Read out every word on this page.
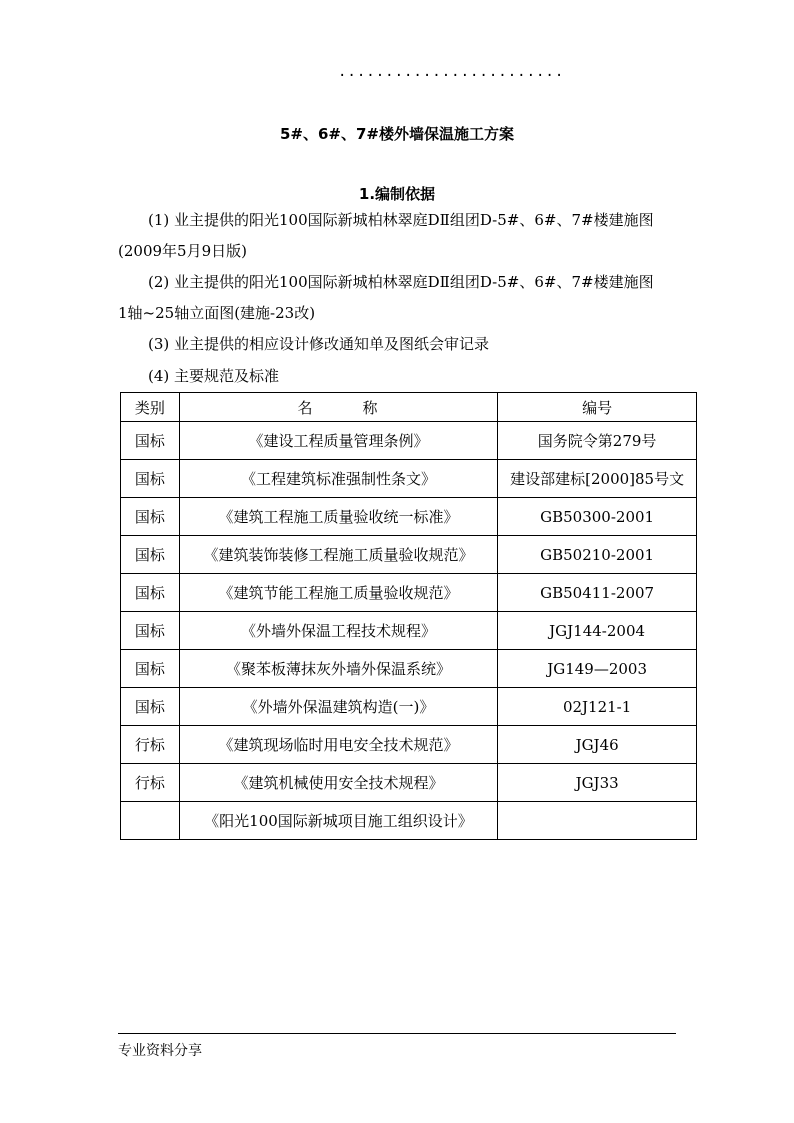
........................
5#、6#、7#楼外墙保温施工方案
1.编制依据
(1) 业主提供的阳光100国际新城柏林翠庭DⅡ组团D-5#、6#、7#楼建施图
(2009年5月9日版)
(2) 业主提供的阳光100国际新城柏林翠庭DⅡ组团D-5#、6#、7#楼建施图
1轴~25轴立面图(建施-23改)
(3) 业主提供的相应设计修改通知单及图纸会审记录
(4) 主要规范及标准
类别	名 称	编号
国标	《建设工程质量管理条例》	国务院令第279号
国标	《工程建筑标准强制性条文》	建设部建标[2000]85号文
国标	《建筑工程施工质量验收统一标准》	GB50300-2001
国标	《建筑装饰装修工程施工质量验收规范》	GB50210-2001
国标	《建筑节能工程施工质量验收规范》	GB50411-2007
国标	《外墙外保温工程技术规程》	JGJ144-2004
国标	《聚苯板薄抹灰外墙外保温系统》	JG149—2003
国标	《外墙外保温建筑构造(一)》	02J121-1
行标	《建筑现场临时用电安全技术规范》	JGJ46
行标	《建筑机械使用安全技术规程》	JGJ33
	《阳光100国际新城项目施工组织设计》	
专业资料分享
